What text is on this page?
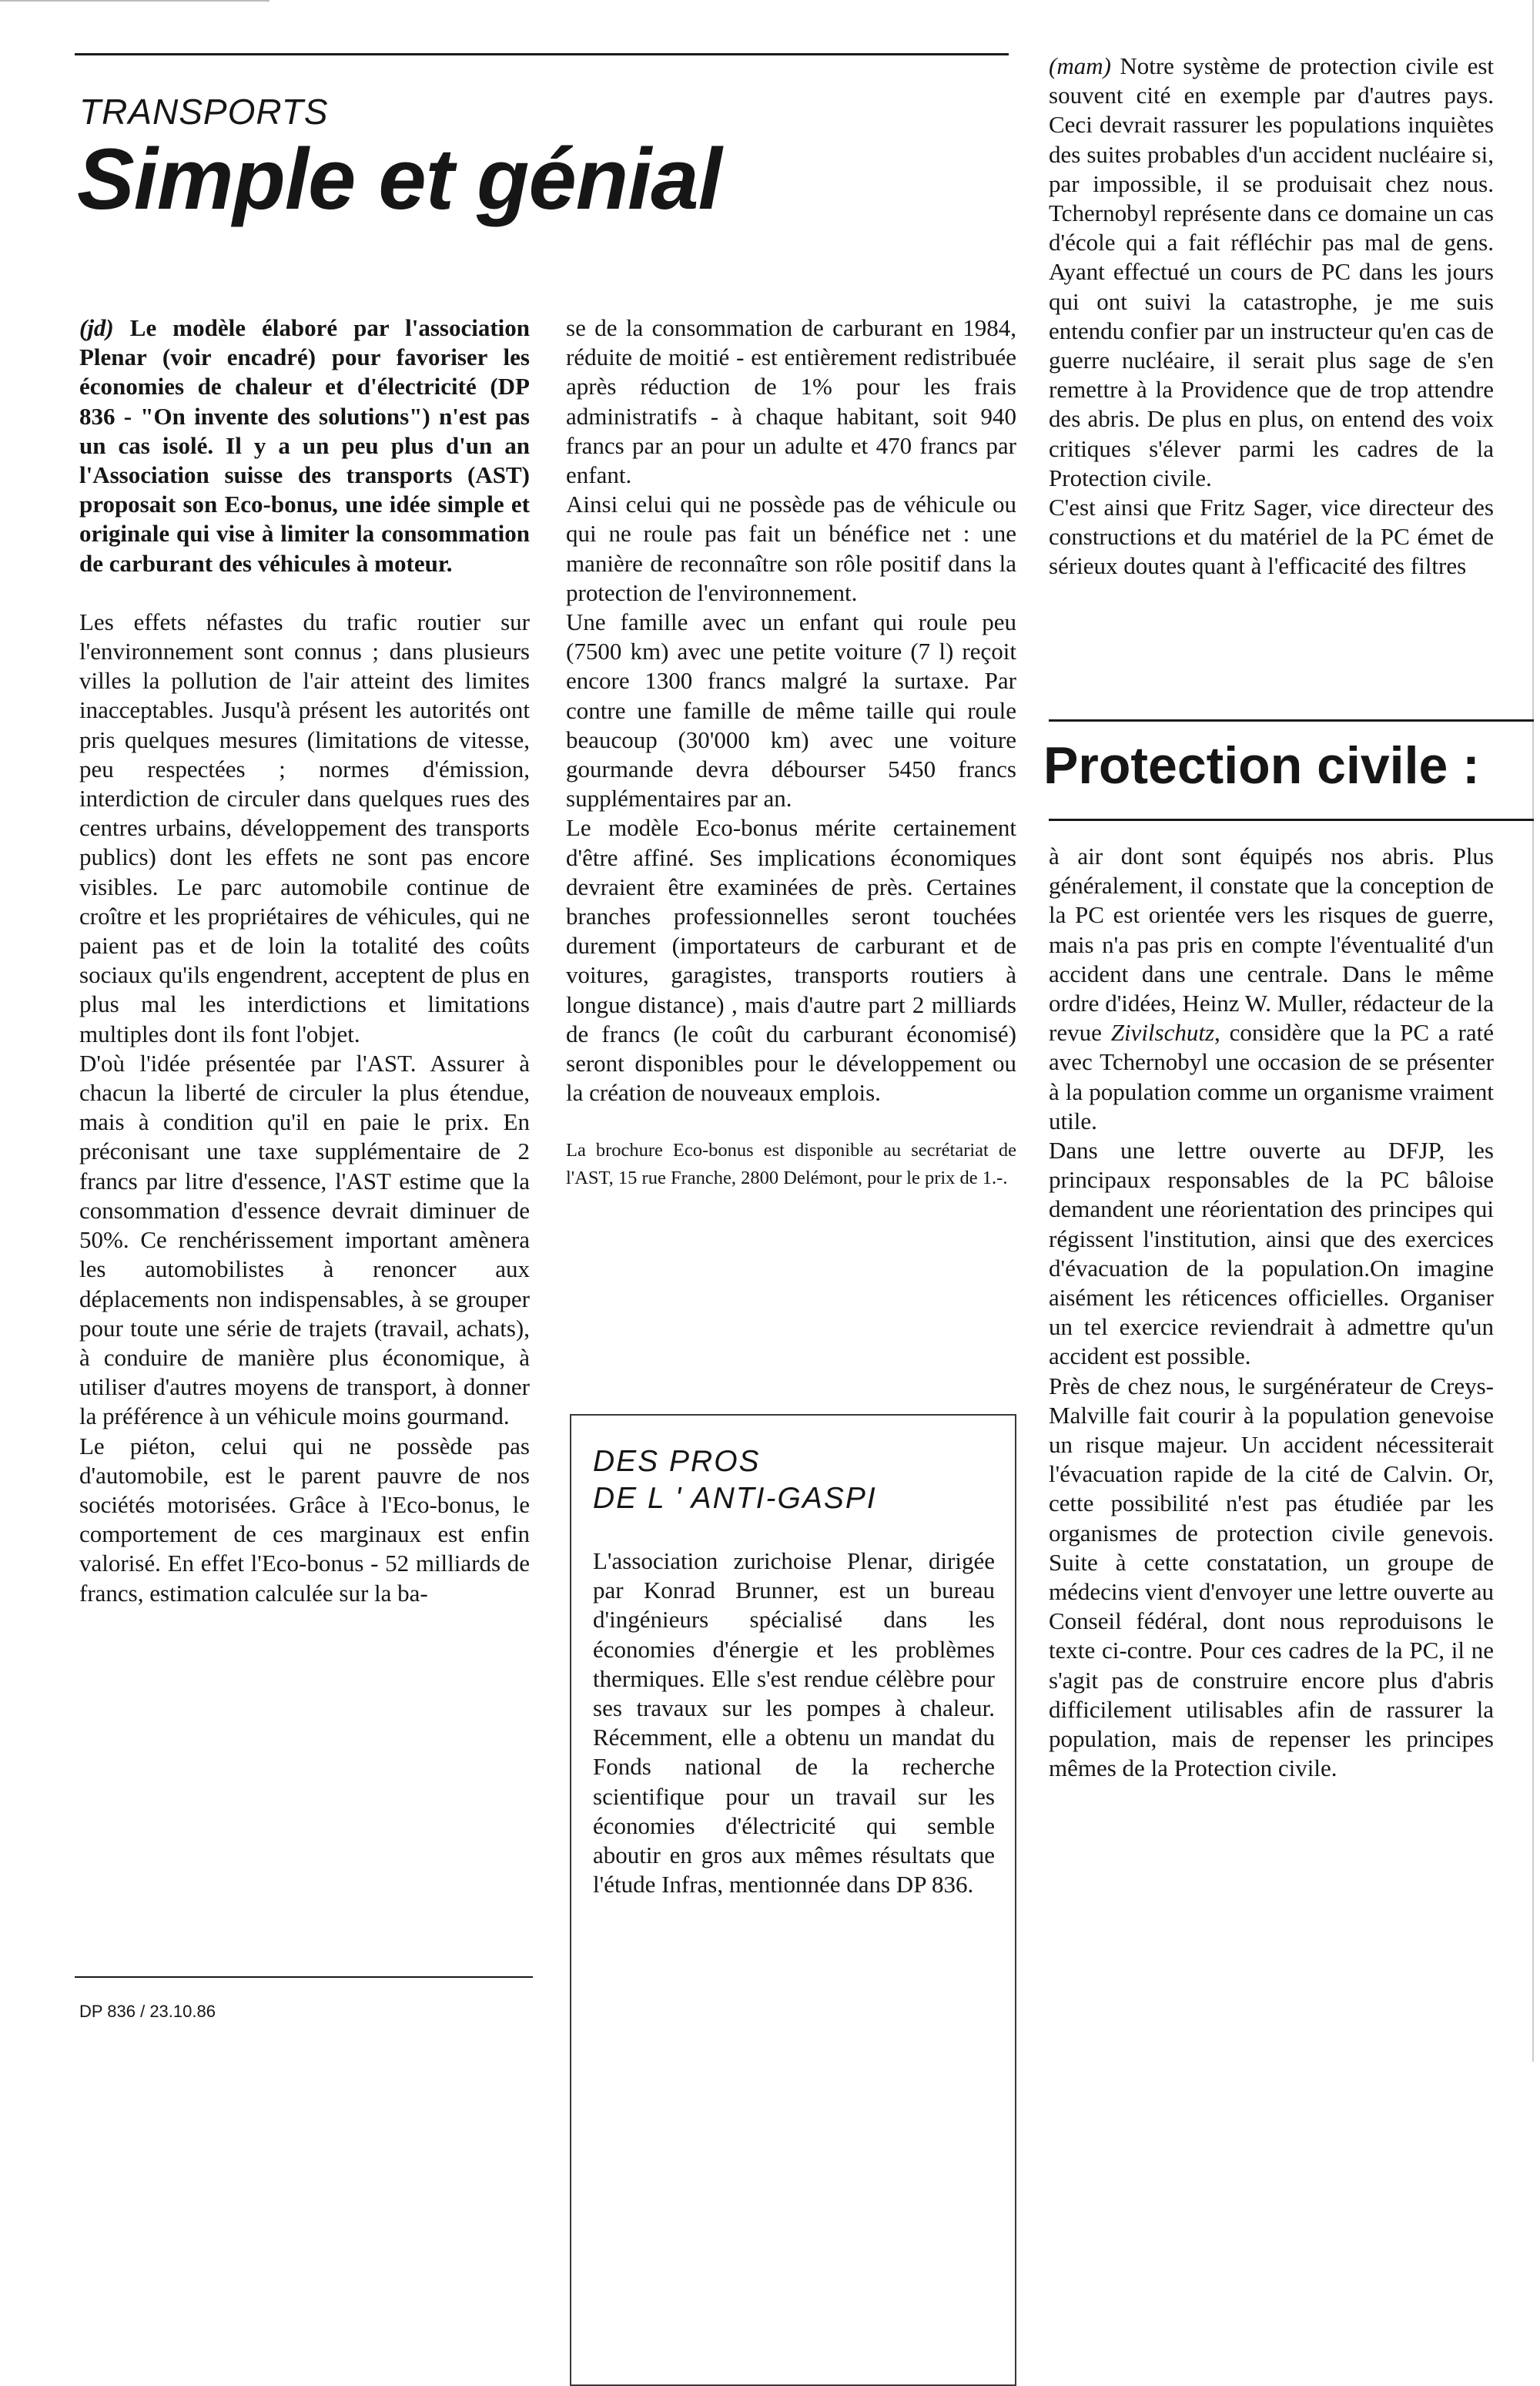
TRANSPORTS
Simple et génial

(jd) Le modèle élaboré par l'association Plenar (voir encadré) pour favoriser les économies de chaleur et d'électricité (DP 836 - "On invente des solutions") n'est pas un cas isolé. Il y a un peu plus d'un an l'Association suisse des transports (AST) proposait son Eco-bonus, une idée simple et originale qui vise à limiter la consommation de carburant des véhicules à moteur.

Les effets néfastes du trafic routier sur l'environnement sont connus ; dans plusieurs villes la pollution de l'air atteint des limites inacceptables. Jusqu'à présent les autorités ont pris quelques mesures (limitations de vitesse, peu respectées ; normes d'émission, interdiction de circuler dans quelques rues des centres urbains, développement des transports publics) dont les effets ne sont pas encore visibles. Le parc automobile continue de croître et les propriétaires de véhicules, qui ne paient pas et de loin la totalité des coûts sociaux qu'ils engendrent, acceptent de plus en plus mal les interdictions et limitations multiples dont ils font l'objet.

D'où l'idée présentée par l'AST. Assurer à chacun la liberté de circuler la plus étendue, mais à condition qu'il en paie le prix. En préconisant une taxe supplémentaire de 2 francs par litre d'essence, l'AST estime que la consommation d'essence devrait diminuer de 50%. Ce renchérissement important amènera les automobilistes à renoncer aux déplacements non indispensables, à se grouper pour toute une série de trajets (travail, achats), à conduire de manière plus économique, à utiliser d'autres moyens de transport, à donner la préférence à un véhicule moins gourmand.

Le piéton, celui qui ne possède pas d'automobile, est le parent pauvre de nos sociétés motorisées. Grâce à l'Eco-bonus, le comportement de ces marginaux est enfin valorisé. En effet l'Eco-bonus - 52 milliards de francs, estimation calculée sur la ba-

se de la consommation de carburant en 1984, réduite de moitié - est entièrement redistribuée après réduction de 1% pour les frais administratifs - à chaque habitant, soit 940 francs par an pour un adulte et 470 francs par enfant.

Ainsi celui qui ne possède pas de véhicule ou qui ne roule pas fait un bénéfice net : une manière de reconnaître son rôle positif dans la protection de l'environnement.

Une famille avec un enfant qui roule peu (7500 km) avec une petite voiture (7 l) reçoit encore 1300 francs malgré la surtaxe. Par contre une famille de même taille qui roule beaucoup (30'000 km) avec une voiture gourmande devra débourser 5450 francs supplémentaires par an.

Le modèle Eco-bonus mérite certainement d'être affiné. Ses implications économiques devraient être examinées de près. Certaines branches professionnelles seront touchées durement (importateurs de carburant et de voitures, garagistes, transports routiers à longue distance) , mais d'autre part 2 milliards de francs (le coût du carburant économisé) seront disponibles pour le développement ou la création de nouveaux emplois.

La brochure Eco-bonus est disponible au secrétariat de l'AST, 15 rue Franche, 2800 Delémont, pour le prix de 1.-.

DES PROS
DE L ' ANTI-GASPI
L'association zurichoise Plenar, dirigée par Konrad Brunner, est un bureau d'ingénieurs spécialisé dans les économies d'énergie et les problèmes thermiques. Elle s'est rendue célèbre pour ses travaux sur les pompes à chaleur. Récemment, elle a obtenu un mandat du Fonds national de la recherche scientifique pour un travail sur les économies d'électricité qui semble aboutir en gros aux mêmes résultats que l'étude Infras, mentionnée dans DP 836.

(mam) Notre système de protection civile est souvent cité en exemple par d'autres pays. Ceci devrait rassurer les populations inquiètes des suites probables d'un accident nucléaire si, par impossible, il se produisait chez nous. Tchernobyl représente dans ce domaine un cas d'école qui a fait réfléchir pas mal de gens. Ayant effectué un cours de PC dans les jours qui ont suivi la catastrophe, je me suis entendu confier par un instructeur qu'en cas de guerre nucléaire, il serait plus sage de s'en remettre à la Providence que de trop attendre des abris. De plus en plus, on entend des voix critiques s'élever parmi les cadres de la Protection civile.

C'est ainsi que Fritz Sager, vice directeur des constructions et du matériel de la PC émet de sérieux doutes quant à l'efficacité des filtres

Protection civile :

à air dont sont équipés nos abris. Plus généralement, il constate que la conception de la PC est orientée vers les risques de guerre, mais n'a pas pris en compte l'éventualité d'un accident dans une centrale. Dans le même ordre d'idées, Heinz W. Muller, rédacteur de la revue Zivilschutz, considère que la PC a raté avec Tchernobyl une occasion de se présenter à la population comme un organisme vraiment utile.

Dans une lettre ouverte au DFJP, les principaux responsables de la PC bâloise demandent une réorientation des principes qui régissent l'institution, ainsi que des exercices d'évacuation de la population.On imagine aisément les réticences officielles. Organiser un tel exercice reviendrait à admettre qu'un accident est possible.

Près de chez nous, le surgénérateur de Creys-Malville fait courir à la population genevoise un risque majeur. Un accident nécessiterait l'évacuation rapide de la cité de Calvin. Or, cette possibilité n'est pas étudiée par les organismes de protection civile genevois. Suite à cette constatation, un groupe de médecins vient d'envoyer une lettre ouverte au Conseil fédéral, dont nous reproduisons le texte ci-contre. Pour ces cadres de la PC, il ne s'agit pas de construire encore plus d'abris difficilement utilisables afin de rassurer la population, mais de repenser les principes mêmes de la Protection civile.

DP 836 / 23.10.86
